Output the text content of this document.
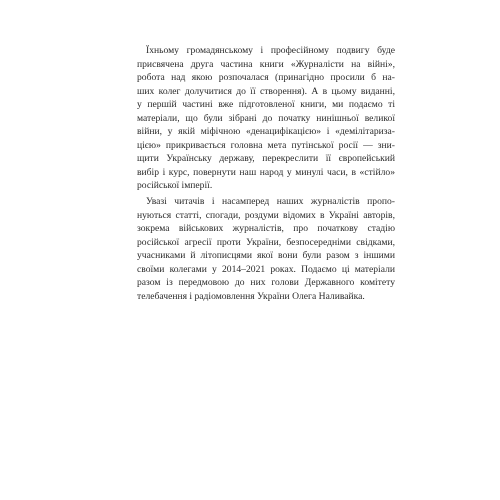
Їхньому громадянському і професійному подвигу буде
присвячена друга частина книги «Журналісти на війні»,
робота над якою розпочалася (принагідно просили б на-
ших колег долучитися до її створення). А в цьому виданні,
у першій частині вже підготовленої книги, ми подаємо ті
матеріали, що були зібрані до початку нинішньої великої
війни, у якій міфічною «денацифікацією» і «демілітаризa-
цією» прикривається головна мета путінської росії — зни-
щити Українську державу, перекреслити її європейський
вибір і курс, повернути наш народ у минулі часи, в «стійло»
російської імперії.
Увазі читачів і насамперед наших журналістів пропо-
нуються статті, спогади, роздуми відомих в Україні авторів,
зокрема військових журналістів, про початкову стадію
російської агресії проти України, безпосередніми свідками,
учасниками й літописцями якої вони були разом з іншими
своїми колегами у 2014–2021 роках. Подаємо ці матеріали
разом із передмовою до них голови Державного комітету
телебачення і радіомовлення України Олега Наливайка.
